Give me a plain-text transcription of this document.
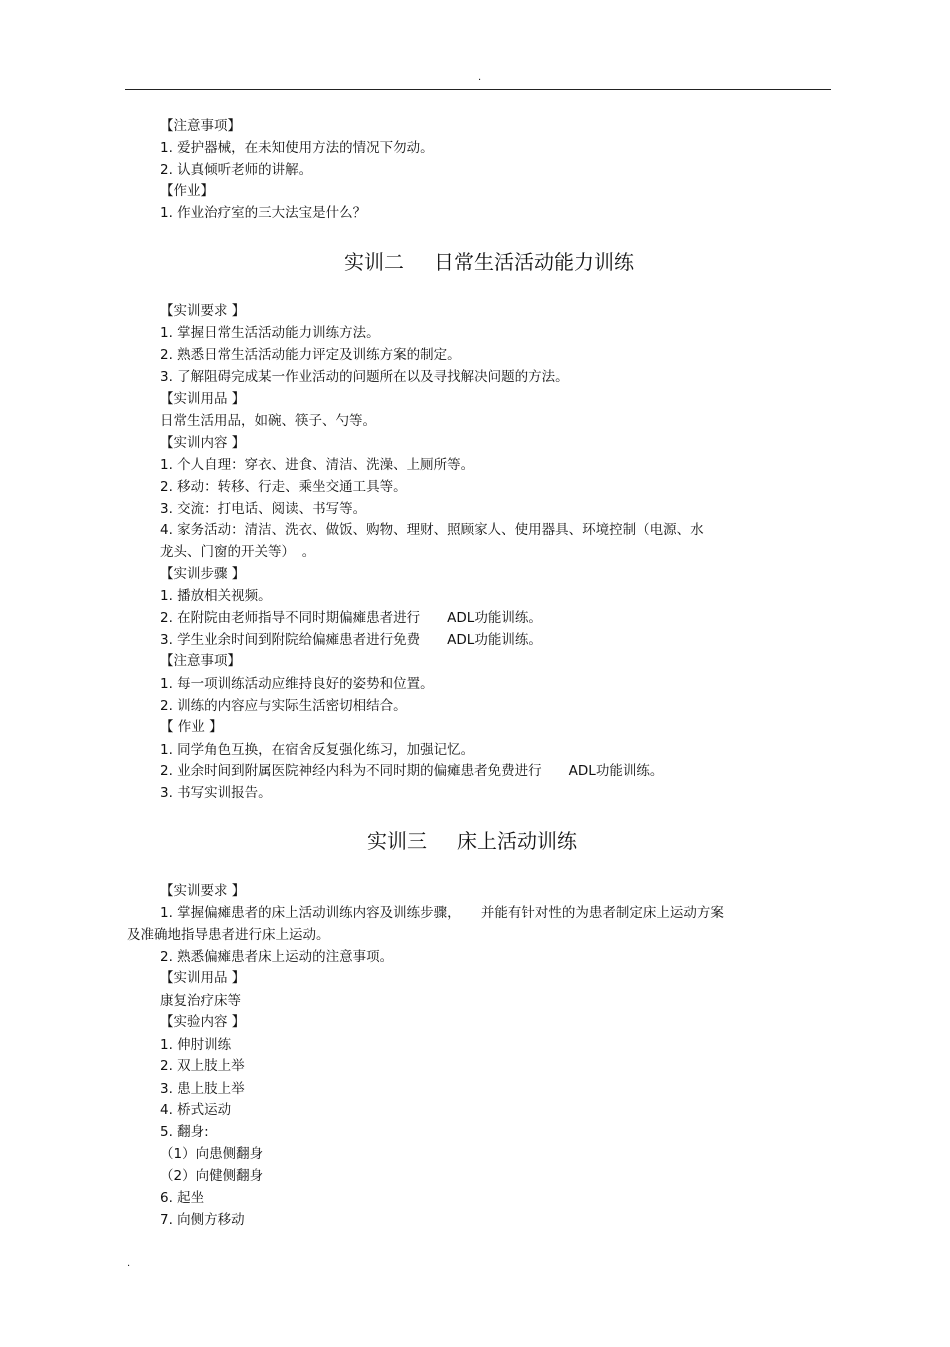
.
【注意事项】
1. 爱护器械，在未知使用方法的情况下勿动。
2. 认真倾听老师的讲解。
【作业】
1. 作业治疗室的三大法宝是什么？
实训二 日常生活活动能力训练
【实训要求 】
1. 掌握日常生活活动能力训练方法。
2. 熟悉日常生活活动能力评定及训练方案的制定。
3. 了解阻碍完成某一作业活动的问题所在以及寻找解决问题的方法。
【实训用品 】
日常生活用品，如碗、筷子、勺等。
【实训内容 】
1. 个人自理：穿衣、进食、清洁、洗澡、上厕所等。
2. 移动：转移、行走、乘坐交通工具等。
3. 交流：打电话、阅读、书写等。
4. 家务活动：清洁、洗衣、做饭、购物、理财、照顾家人、使用器具、环境控制（电源、水
龙头、门窗的开关等）　。
【实训步骤 】
1. 播放相关视频。
2. 在附院由老师指导不同时期偏瘫患者进行　　ADL功能训练。
3. 学生业余时间到附院给偏瘫患者进行免费　　ADL功能训练。
【注意事项】
1. 每一项训练活动应维持良好的姿势和位置。
2. 训练的内容应与实际生活密切相结合。
【 作业 】
1. 同学角色互换，在宿舍反复强化练习，加强记忆。
2. 业余时间到附属医院神经内科为不同时期的偏瘫患者免费进行　　ADL功能训练。
3. 书写实训报告。
实训三 床上活动训练
【实训要求 】
1. 掌握偏瘫患者的床上活动训练内容及训练步骤，　　并能有针对性的为患者制定床上运动方案
及准确地指导患者进行床上运动。
2. 熟悉偏瘫患者床上运动的注意事项。
【实训用品 】
康复治疗床等
【实验内容 】
1. 伸肘训练
2. 双上肢上举
3. 患上肢上举
4. 桥式运动
5. 翻身:
（1）向患侧翻身
（2）向健侧翻身
6. 起坐
7. 向侧方移动
.
